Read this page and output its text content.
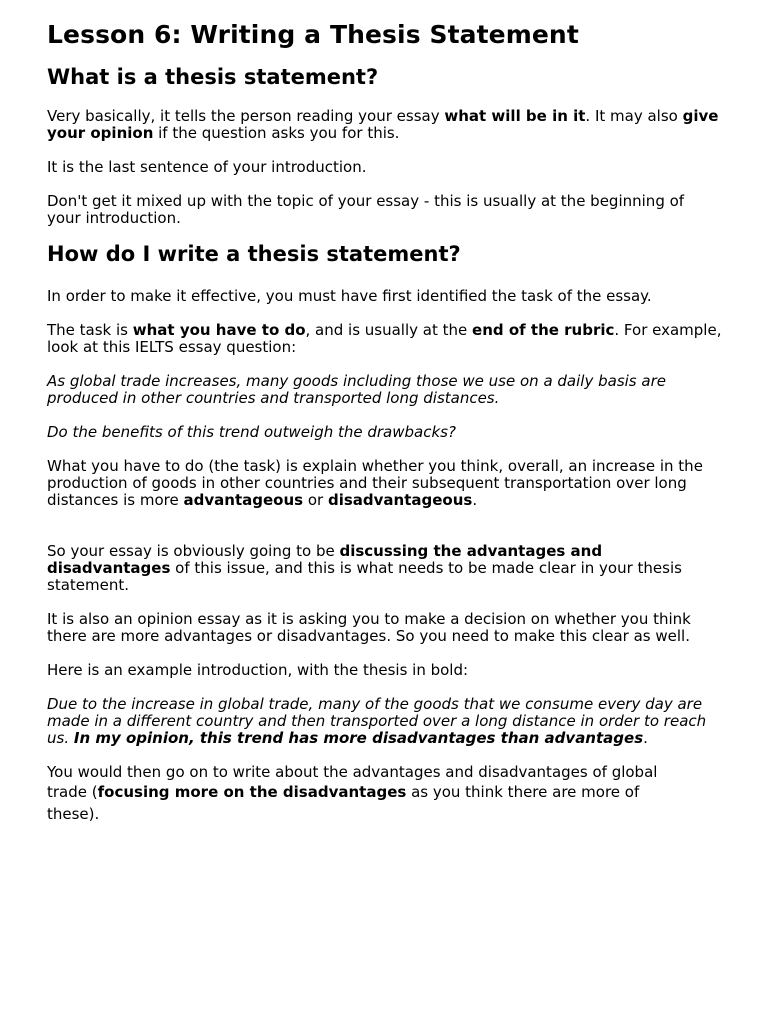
Lesson 6: Writing a Thesis Statement
What is a thesis statement?

Very basically, it tells the person reading your essay what will be in it. It may also give your opinion if the question asks you for this.

It is the last sentence of your introduction.

Don't get it mixed up with the topic of your essay - this is usually at the beginning of your introduction.

How do I write a thesis statement?

In order to make it effective, you must have first identified the task of the essay.

The task is what you have to do, and is usually at the end of the rubric. For example, look at this IELTS essay question:

As global trade increases, many goods including those we use on a daily basis are produced in other countries and transported long distances.

Do the benefits of this trend outweigh the drawbacks?

What you have to do (the task) is explain whether you think, overall, an increase in the production of goods in other countries and their subsequent transportation over long distances is more advantageous or disadvantageous.

So your essay is obviously going to be discussing the advantages and disadvantages of this issue, and this is what needs to be made clear in your thesis statement.

It is also an opinion essay as it is asking you to make a decision on whether you think there are more advantages or disadvantages. So you need to make this clear as well.

Here is an example introduction, with the thesis in bold:

Due to the increase in global trade, many of the goods that we consume every day are made in a different country and then transported over a long distance in order to reach us. In my opinion, this trend has more disadvantages than advantages.

You would then go on to write about the advantages and disadvantages of global
trade (focusing more on the disadvantages as you think there are more of
these).
